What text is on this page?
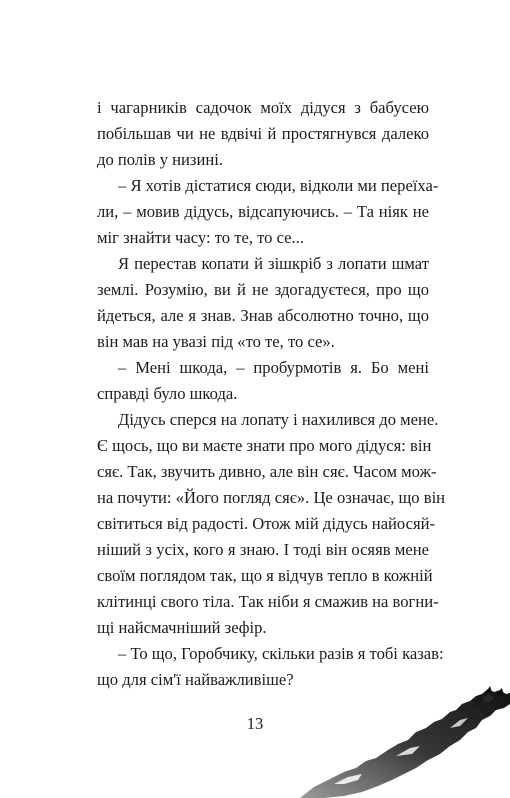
і чагарників садочок моїх дідуся з бабусею
побільшав чи не вдвічі й простягнувся далеко
до полів у низині.
– Я хотів дістатися сюди, відколи ми переїха-
ли, – мовив дідусь, відсапуючись. – Та ніяк не
міг знайти часу: то те, то се...
Я перестав копати й зішкріб з лопати шмат
землі. Розумію, ви й не здогадуєтеся, про що
йдеться, але я знав. Знав абсолютно точно, що
він мав на увазі під «то те, то се».
– Мені шкода, – пробурмотів я. Бо мені
справді було шкода.
Дідусь сперся на лопату і нахилився до мене.
Є щось, що ви маєте знати про мого дідуся: він
сяє. Так, звучить дивно, але він сяє. Часом мож-
на почути: «Його погляд сяє». Це означає, що він
світиться від радості. Отож мій дідусь найосяй-
ніший з усіх, кого я знаю. І тоді він осяяв мене
своїм поглядом так, що я відчув тепло в кожній
клітинці свого тіла. Так ніби я смажив на вогни-
щі найсмачніший зефір.
– То що, Горобчику, скільки разів я тобі казав:
що для сім'ї найважливіше?
13
